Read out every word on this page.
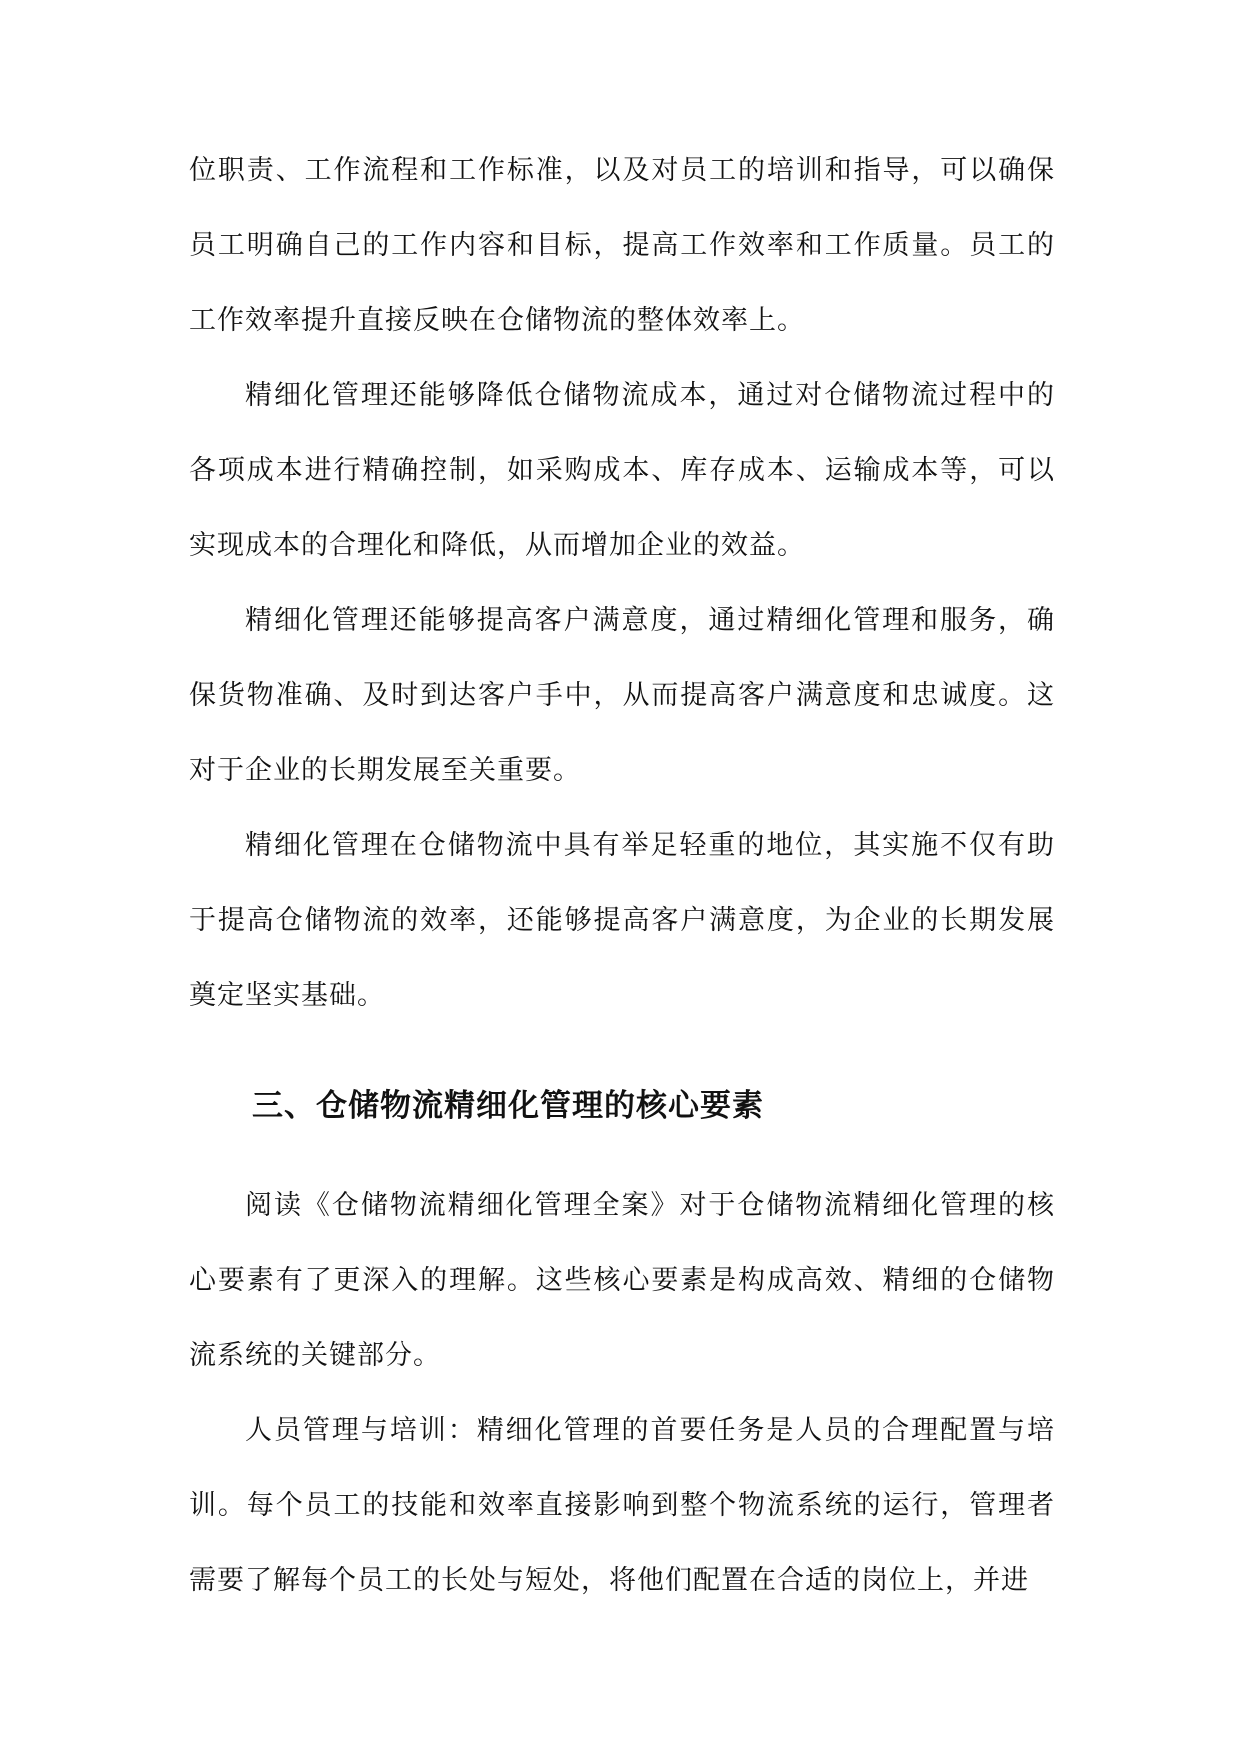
位职责、工作流程和工作标准，以及对员工的培训和指导，可以确保员工明确自己的工作内容和目标，提高工作效率和工作质量。员工的工作效率提升直接反映在仓储物流的整体效率上。

精细化管理还能够降低仓储物流成本，通过对仓储物流过程中的各项成本进行精确控制，如采购成本、库存成本、运输成本等，可以实现成本的合理化和降低，从而增加企业的效益。

精细化管理还能够提高客户满意度，通过精细化管理和服务，确保货物准确、及时到达客户手中，从而提高客户满意度和忠诚度。这对于企业的长期发展至关重要。

精细化管理在仓储物流中具有举足轻重的地位，其实施不仅有助于提高仓储物流的效率，还能够提高客户满意度，为企业的长期发展奠定坚实基础。

三、仓储物流精细化管理的核心要素

阅读《仓储物流精细化管理全案》对于仓储物流精细化管理的核心要素有了更深入的理解。这些核心要素是构成高效、精细的仓储物流系统的关键部分。

人员管理与培训：精细化管理的首要任务是人员的合理配置与培训。每个员工的技能和效率直接影响到整个物流系统的运行，管理者需要了解每个员工的长处与短处，将他们配置在合适的岗位上，并进
